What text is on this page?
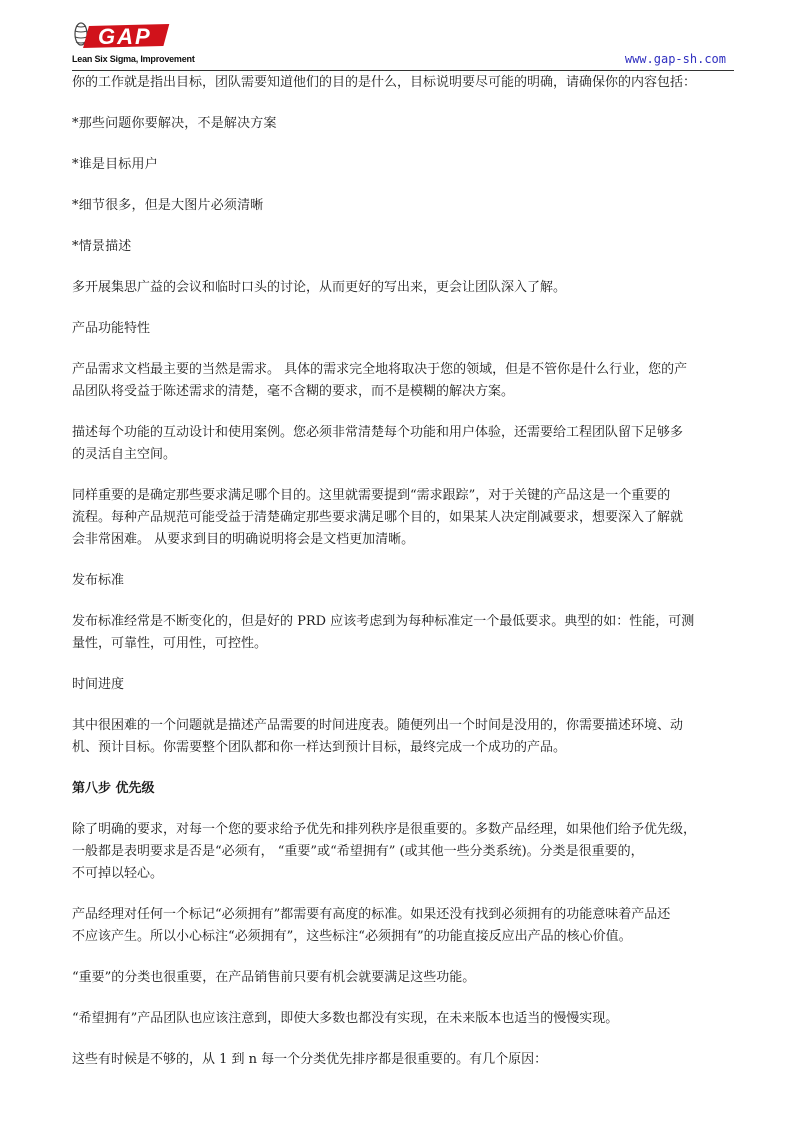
GAP
Lean Six Sigma, Improvement	www.gap-sh.com

你的工作就是指出目标，团队需要知道他们的目的是什么，目标说明要尽可能的明确，请确保你的内容包括：

*那些问题你要解决，不是解决方案

*谁是目标用户

*细节很多，但是大图片必须清晰

*情景描述

多开展集思广益的会议和临时口头的讨论，从而更好的写出来，更会让团队深入了解。

产品功能特性

产品需求文档最主要的当然是需求。 具体的需求完全地将取决于您的领域，但是不管你是什么行业，您的产

品团队将受益于陈述需求的清楚，毫不含糊的要求，而不是模糊的解决方案。

描述每个功能的互动设计和使用案例。您必须非常清楚每个功能和用户体验，还需要给工程团队留下足够多

的灵活自主空间。

同样重要的是确定那些要求满足哪个目的。这里就需要提到“需求跟踪”，对于关键的产品这是一个重要的

流程。每种产品规范可能受益于清楚确定那些要求满足哪个目的，如果某人决定削减要求，想要深入了解就

会非常困难。 从要求到目的明确说明将会是文档更加清晰。

发布标准

发布标准经常是不断变化的，但是好的 PRD 应该考虑到为每种标准定一个最低要求。典型的如：性能，可测

量性，可靠性，可用性，可控性。

时间进度

其中很困难的一个问题就是描述产品需要的时间进度表。随便列出一个时间是没用的，你需要描述环境、动

机、预计目标。你需要整个团队都和你一样达到预计目标，最终完成一个成功的产品。

第八步 优先级

除了明确的要求，对每一个您的要求给予优先和排列秩序是很重要的。多数产品经理，如果他们给予优先级，

一般都是表明要求是否是“必须有， “重要”或“希望拥有” (或其他一些分类系统)。分类是很重要的，

不可掉以轻心。

产品经理对任何一个标记“必须拥有”都需要有高度的标准。如果还没有找到必须拥有的功能意味着产品还

不应该产生。所以小心标注“必须拥有”，这些标注“必须拥有”的功能直接反应出产品的核心价值。

“重要”的分类也很重要，在产品销售前只要有机会就要满足这些功能。

“希望拥有”产品团队也应该注意到，即使大多数也都没有实现，在未来版本也适当的慢慢实现。

这些有时候是不够的，从 1 到 n 每一个分类优先排序都是很重要的。有几个原因：
